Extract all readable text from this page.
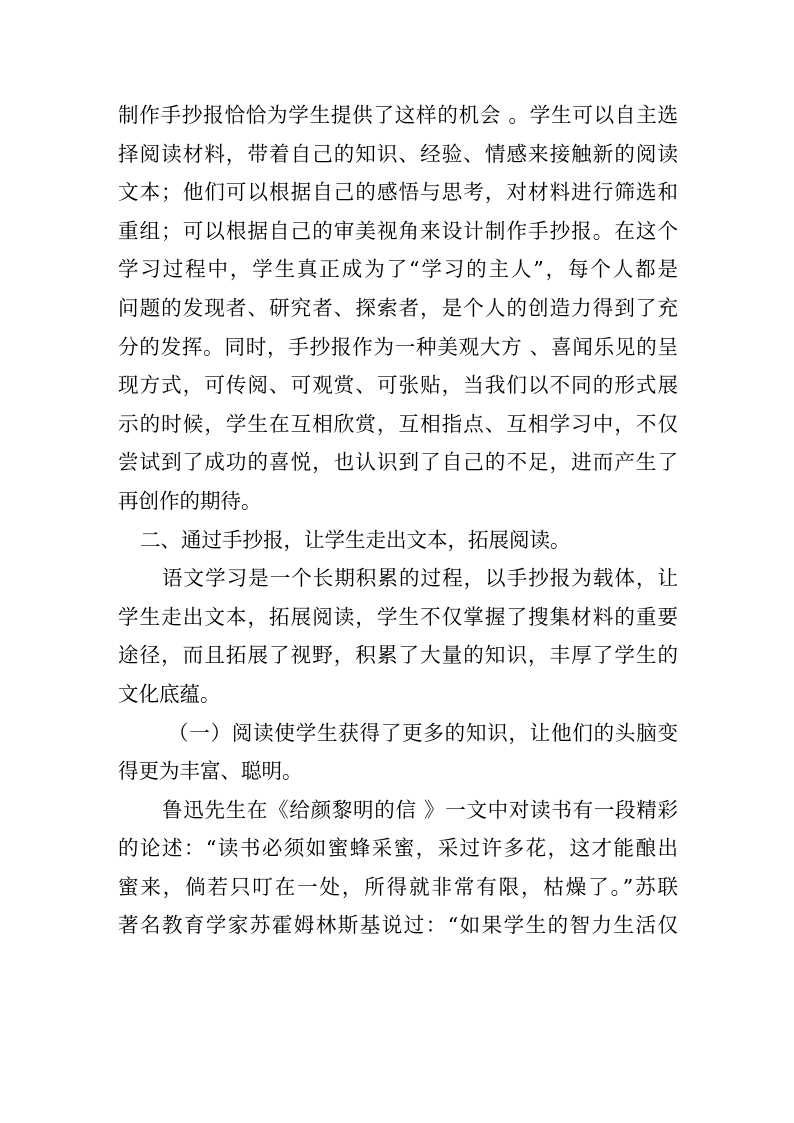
制作手抄报恰恰为学生提供了这样的机会 。学生可以自主选
择阅读材料，带着自己的知识、经验、情感来接触新的阅读
文本；他们可以根据自己的感悟与思考，对材料进行筛选和
重组；可以根据自己的审美视角来设计制作手抄报。在这个
学习过程中，学生真正成为了“学习的主人”，每个人都是
问题的发现者、研究者、探索者，是个人的创造力得到了充
分的发挥。同时，手抄报作为一种美观大方 、喜闻乐见的呈
现方式，可传阅、可观赏、可张贴，当我们以不同的形式展
示的时候，学生在互相欣赏，互相指点、互相学习中，不仅
尝试到了成功的喜悦，也认识到了自己的不足，进而产生了
再创作的期待。
二、通过手抄报，让学生走出文本，拓展阅读。
语文学习是一个长期积累的过程，以手抄报为载体，让
学生走出文本，拓展阅读，学生不仅掌握了搜集材料的重要
途径，而且拓展了视野，积累了大量的知识，丰厚了学生的
文化底蕴。
（一）阅读使学生获得了更多的知识，让他们的头脑变
得更为丰富、聪明。
鲁迅先生在《给颜黎明的信 》一文中对读书有一段精彩
的论述：“读书必须如蜜蜂采蜜，采过许多花，这才能酿出
蜜来，倘若只叮在一处，所得就非常有限，枯燥了。”苏联
著名教育学家苏霍姆林斯基说过：“如果学生的智力生活仅
